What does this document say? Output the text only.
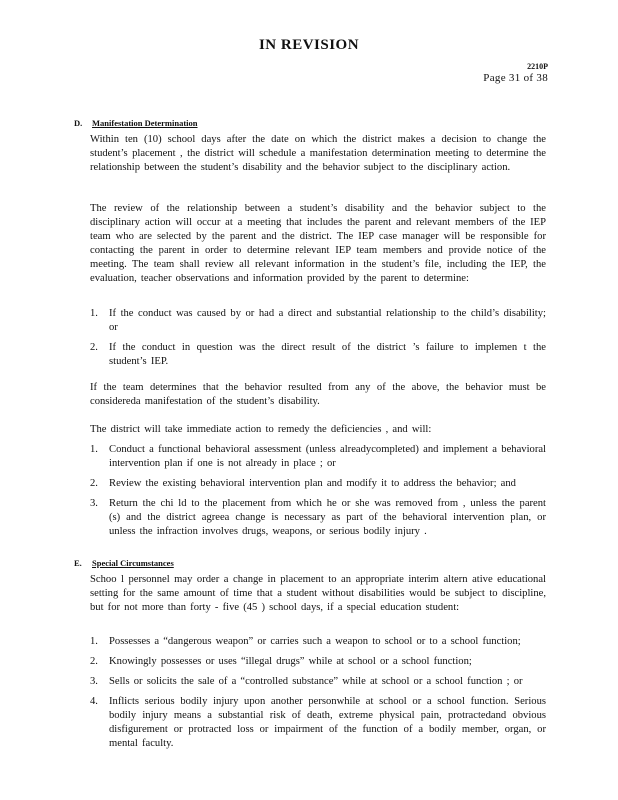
IN REVISION
2210P
Page 31 of 38
D. Manifestation Determination

Within ten (10) school days after the date on which the district makes a decision to change the student’s placement , the district will schedule a manifestation determination meeting to determine the relationship between the student’s disability and the behavior subject to the disciplinary action.

The review of the relationship between a student’s disability and the behavior subject to the disciplinary action will occur at a meeting that includes the parent and relevant members of the IEP team who are selected by the parent and the district. The IEP case manager will be responsible for contacting the parent in order to determine relevant IEP team members and provide notice of the meeting. The team shall review all relevant information in the student’s file, including the IEP, the evaluation, teacher observations and information provided by the parent to determine:

1. If the conduct was caused by or had a direct and substantial relationship to the child’s disability; or
2. If the conduct in question was the direct result of the district ’s failure to implemen t the student’s IEP.

If the team determines that the behavior resulted from any of the above, the behavior must be considereda manifestation of the student’s disability.

The district will take immediate action to remedy the deficiencies , and will:

1. Conduct a functional behavioral assessment (unless alreadycompleted) and implement a behavioral intervention plan if one is not already in place ; or
2. Review the existing behavioral intervention plan and modify it to address the behavior; and
3. Return the chi ld to the placement from which he or she was removed from , unless the parent (s) and the district agreea change is necessary as part of the behavioral intervention plan, or unless the infraction involves drugs, weapons, or serious bodily injury .
E. Special Circumstances

Schoo l personnel may order a change in placement to an appropriate interim altern ative educational setting for the same amount of time that a student without disabilities would be subject to discipline, but for not more than forty - five (45 ) school days, if a special education student:

1. Possesses a “dangerous weapon” or carries such a weapon to school or to a school function;
2. Knowingly possesses or uses “illegal drugs” while at school or a school function;
3. Sells or solicits the sale of a “controlled substance” while at school or a school function ; or
4. Inflicts serious bodily injury upon another personwhile at school or a school function. Serious bodily injury means a substantial risk of death, extreme physical pain, protractedand obvious disfigurement or protracted loss or impairment of the function of a bodily member, organ, or mental faculty.
